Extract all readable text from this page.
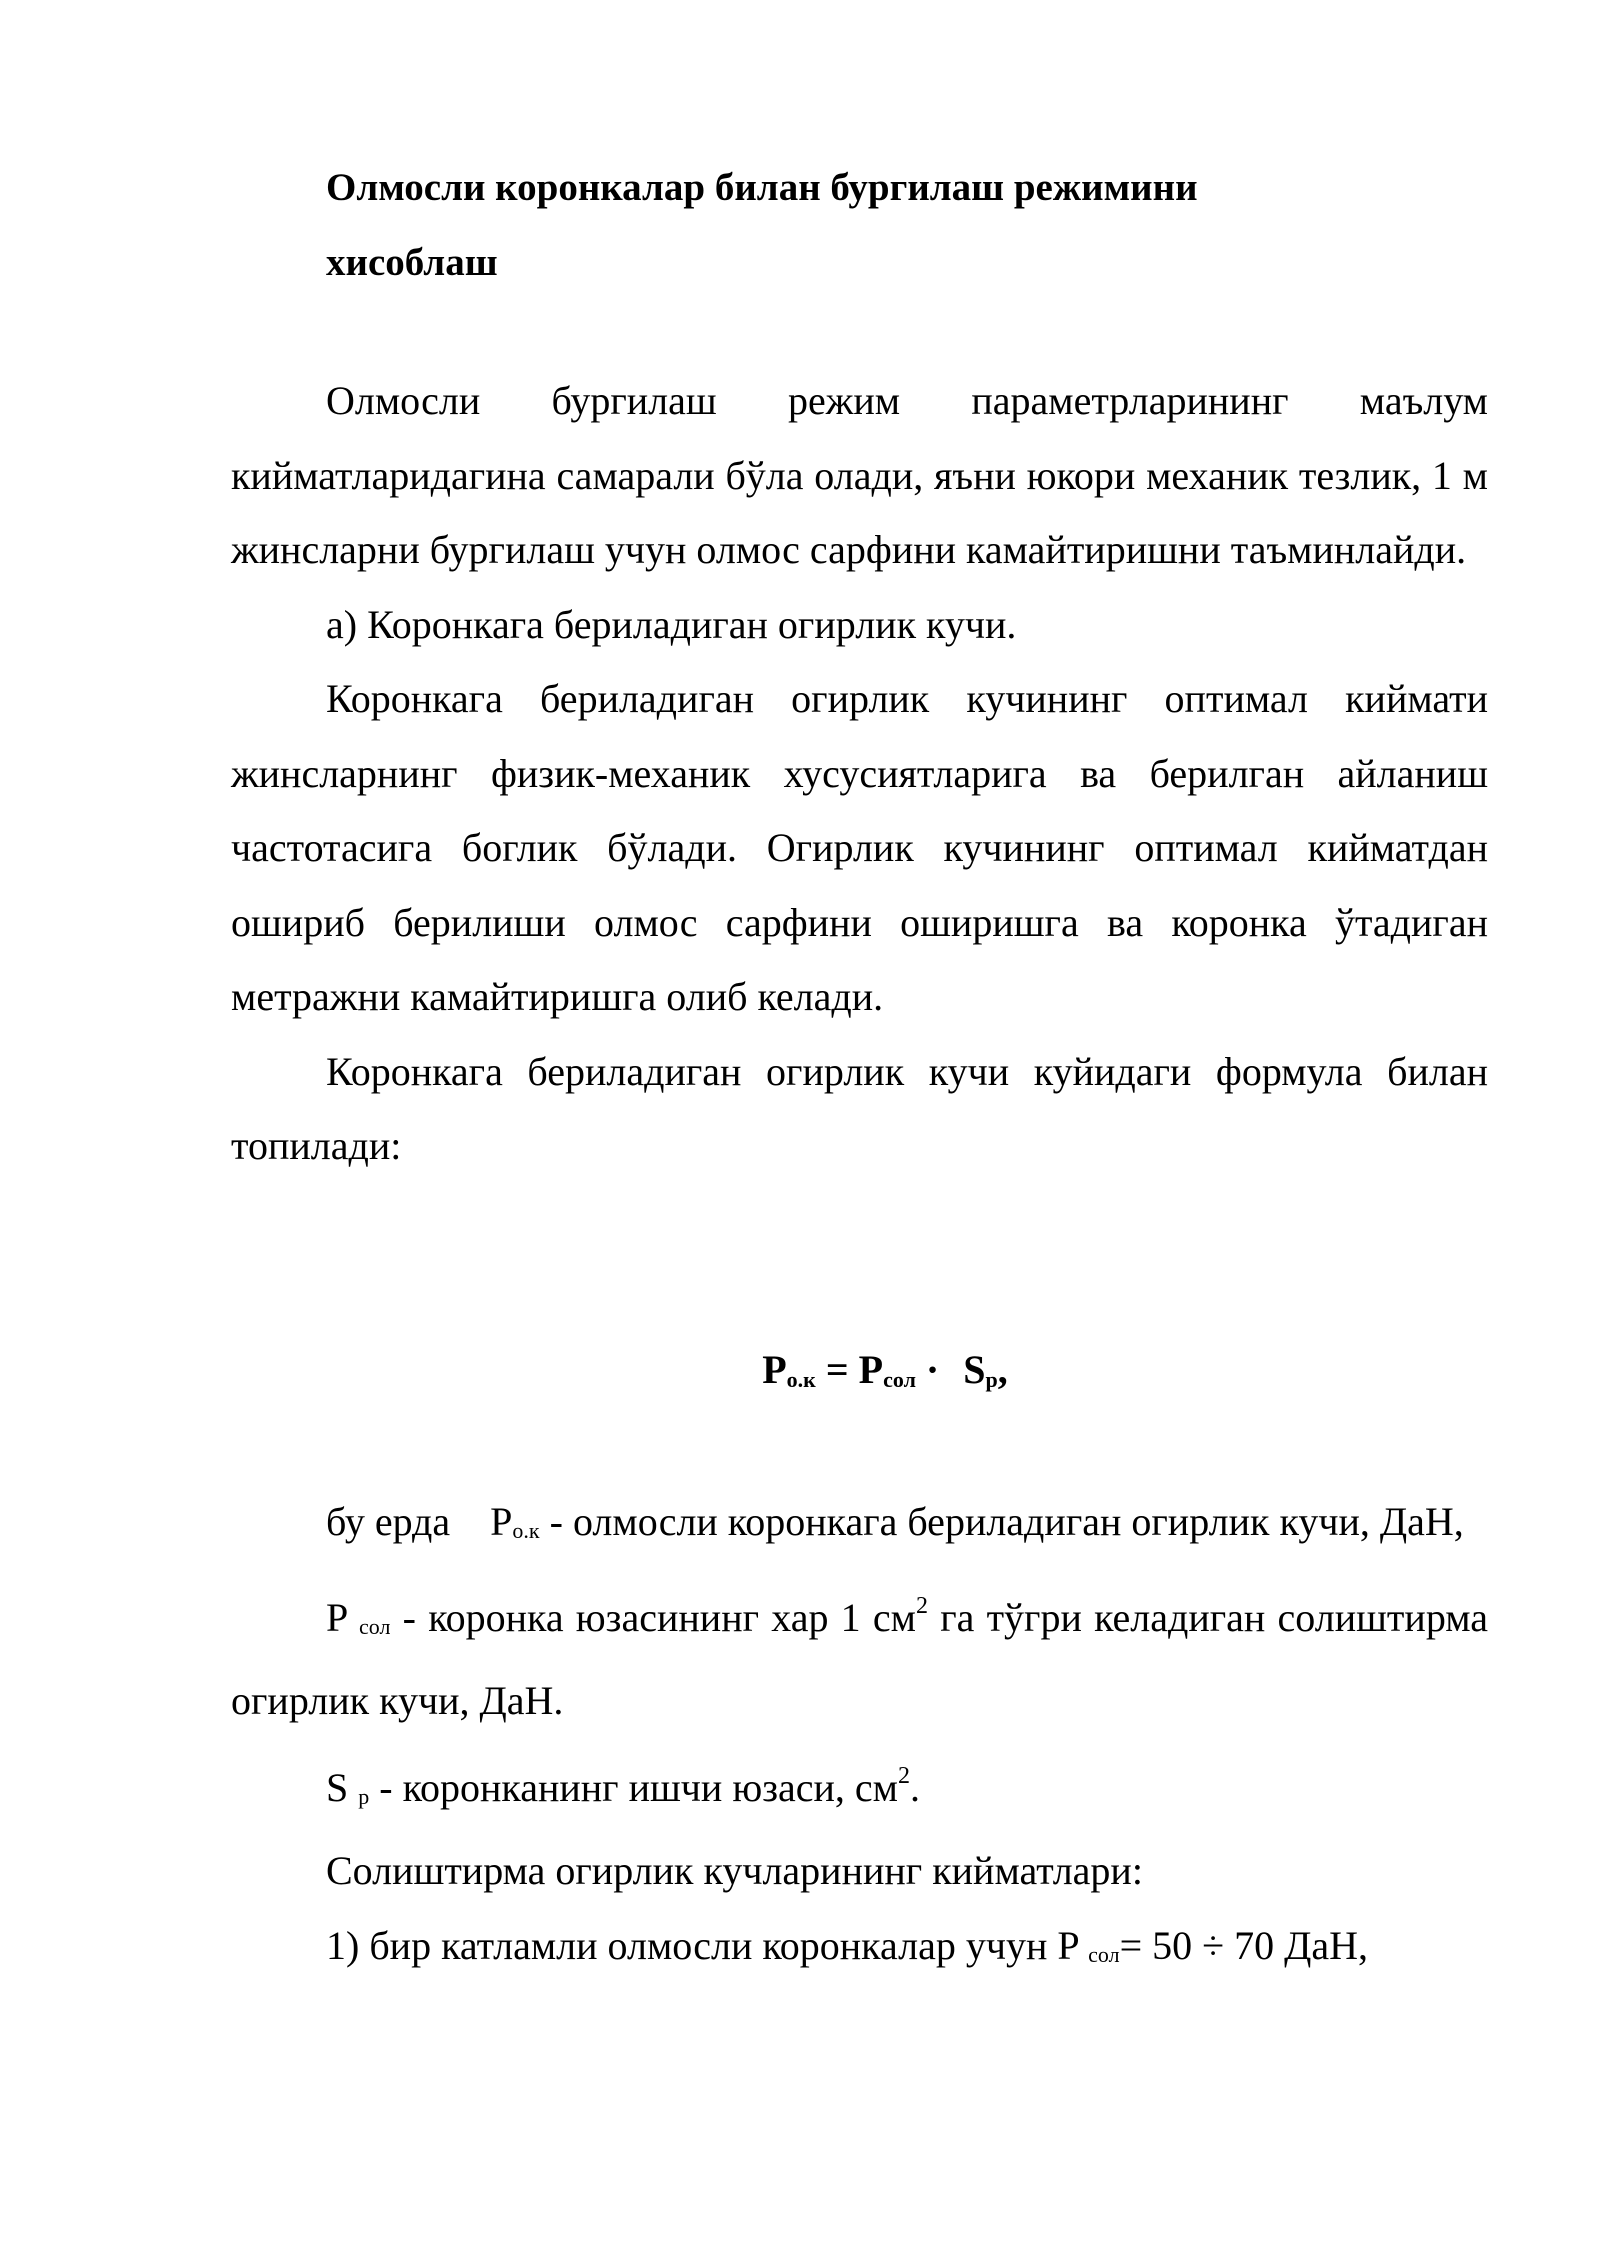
Олмосли коронкалар билан бургилаш режимини
хисоблаш

Олмосли бургилаш режим параметрларининг маълум кийматларидагина самарали бўла олади, яъни юкори механик тезлик, 1 м жинсларни бургилаш учун олмос сарфини камайтиришни таъминлайди.

а) Коронкага бериладиган огирлик кучи.

Коронкага бериладиган огирлик кучининг оптимал киймати жинсларнинг физик-механик хусусиятларига ва берилган айланиш частотасига боглик бўлади. Огирлик кучининг оптимал кийматдан ошириб берилиши олмос сарфини оширишга ва коронка ўтадиган метражни камайтиришга олиб келади.

Коронкага бериладиган огирлик кучи куйидаги формула билан топилади:

Pо.к = Pсол · Sр,

бу ерда Pо.к - олмосли коронкага бериладиган огирлик кучи, ДаН,

P сол - коронка юзасининг хар 1 $см^2$ га тўгри келадиган солиштирма огирлик кучи, ДаН.

S р - коронканинг ишчи юзаси, $см^2$.

Солиштирма огирлик кучларининг кийматлари:

1) бир катламли олмосли коронкалар учун P сол= 50 ÷ 70 ДаН,
